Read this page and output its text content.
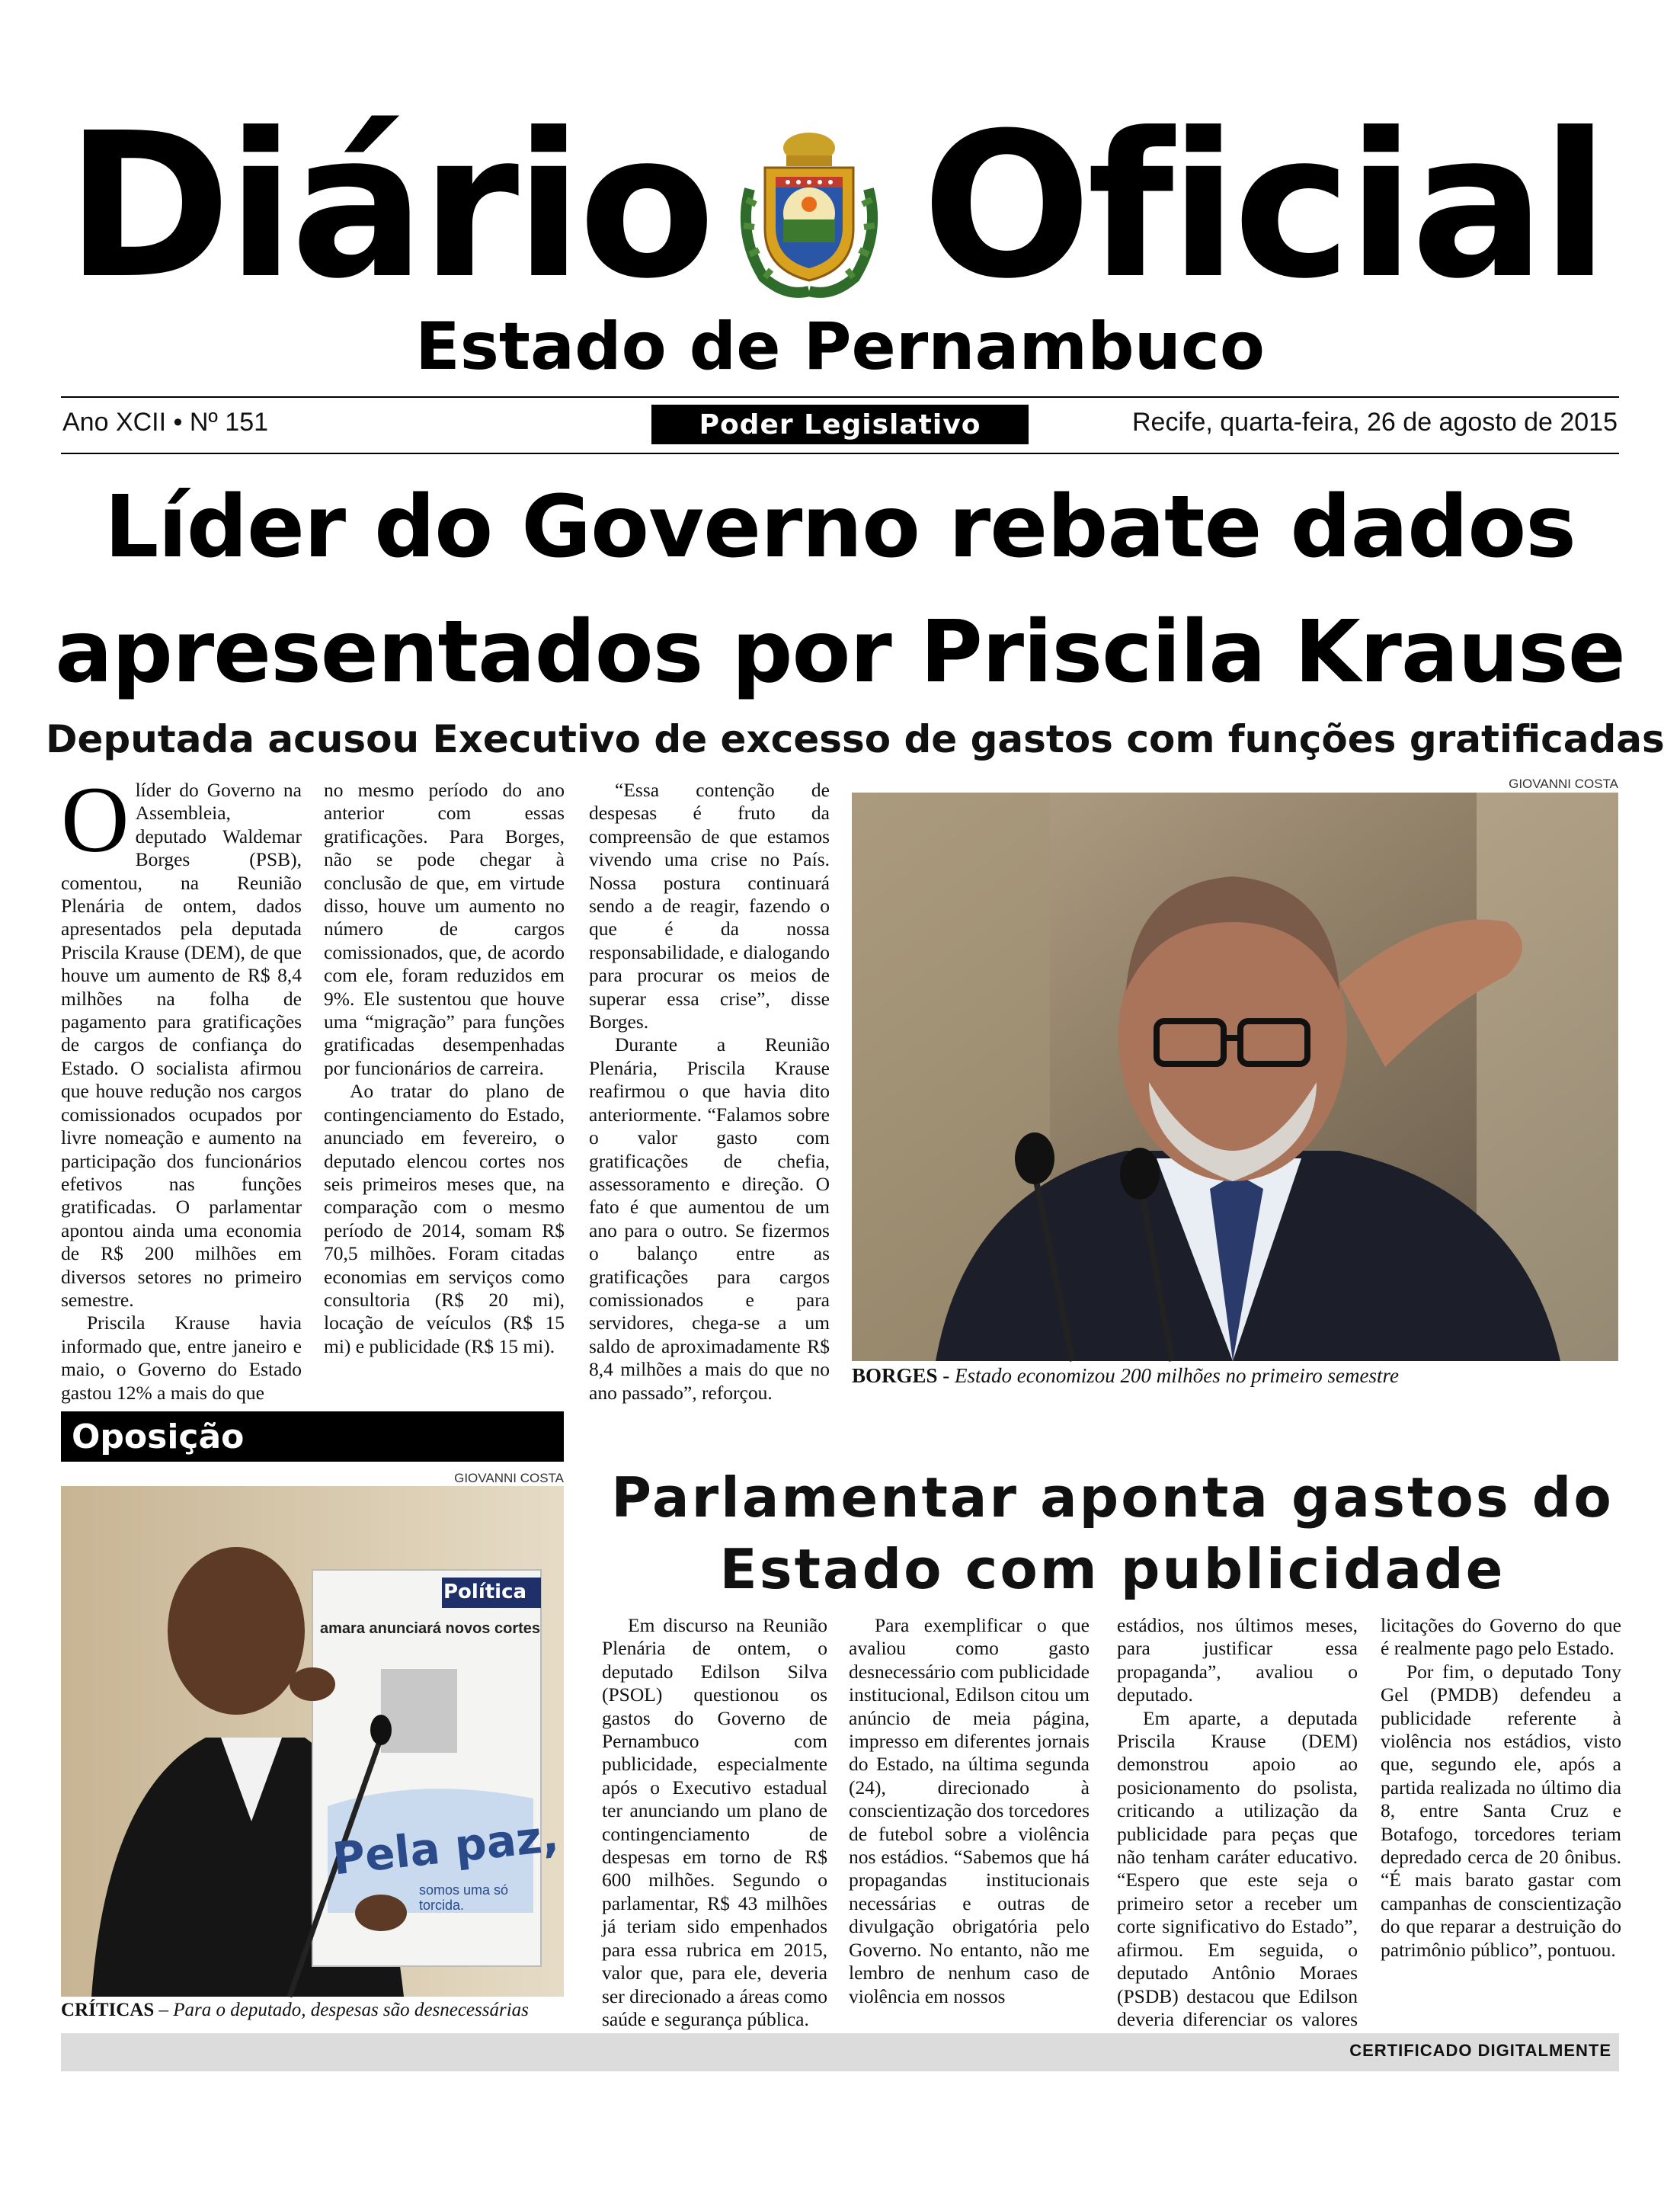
Diário Oficial
Estado de Pernambuco
Ano XCII • Nº 151	Poder Legislativo	Recife, quarta-feira, 26 de agosto de 2015
Líder do Governo rebate dados apresentados por Priscila Krause
Deputada acusou Executivo de excesso de gastos com funções gratificadas

O líder do Governo na Assembleia, deputado Waldemar Borges (PSB), comentou, na Reunião Plenária de ontem, dados apresentados pela deputada Priscila Krause (DEM), de que houve um aumento de R$ 8,4 milhões na folha de pagamento para gratificações de cargos de confiança do Estado. O socialista afirmou que houve redução nos cargos comissionados ocupados por livre nomeação e aumento na participação dos funcionários efetivos nas funções gratificadas. O parlamentar apontou ainda uma economia de R$ 200 milhões em diversos setores no primeiro semestre.

Priscila Krause havia informado que, entre janeiro e maio, o Governo do Estado gastou 12% a mais do que

no mesmo período do ano anterior com essas gratificações. Para Borges, não se pode chegar à conclusão de que, em virtude disso, houve um aumento no número de cargos comissionados, que, de acordo com ele, foram reduzidos em 9%. Ele sustentou que houve uma “migração” para funções gratificadas desempenhadas por funcionários de carreira.

Ao tratar do plano de contingenciamento do Estado, anunciado em fevereiro, o deputado elencou cortes nos seis primeiros meses que, na comparação com o mesmo período de 2014, somam R$ 70,5 milhões. Foram citadas economias em serviços como consultoria (R$ 20 mi), locação de veículos (R$ 15 mi) e publicidade (R$ 15 mi).

“Essa contenção de despesas é fruto da compreensão de que estamos vivendo uma crise no País. Nossa postura continuará sendo a de reagir, fazendo o que é da nossa responsabilidade, e dialogando para procurar os meios de superar essa crise”, disse Borges.

Durante a Reunião Plenária, Priscila Krause reafirmou o que havia dito anteriormente. “Falamos sobre o valor gasto com gratificações de chefia, assessoramento e direção. O fato é que aumentou de um ano para o outro. Se fizermos o balanço entre as gratificações para cargos comissionados e para servidores, chega-se a um saldo de aproximadamente R$ 8,4 milhões a mais do que no ano passado”, reforçou.

GIOVANNI COSTA
BORGES - Estado economizou 200 milhões no primeiro semestre
Oposição
GIOVANNI COSTA
Política
amara anunciará novos cortes
Pela paz,
somos uma só torcida.
CRÍTICAS – Para o deputado, despesas são desnecessárias
Parlamentar aponta gastos do Estado com publicidade

Em discurso na Reunião Plenária de ontem, o deputado Edilson Silva (PSOL) questionou os gastos do Governo de Pernambuco com publicidade, especialmente após o Executivo estadual ter anunciando um plano de contingenciamento de despesas em torno de R$ 600 milhões. Segundo o parlamentar, R$ 43 milhões já teriam sido empenhados para essa rubrica em 2015, valor que, para ele, deveria ser direcionado a áreas como saúde e segurança pública.

Para exemplificar o que avaliou como gasto desnecessário com publicidade institucional, Edilson citou um anúncio de meia página, impresso em diferentes jornais do Estado, na última segunda (24), direcionado à conscientização dos torcedores de futebol sobre a violência nos estádios. “Sabemos que há propagandas institucionais necessárias e outras de divulgação obrigatória pelo Governo. No entanto, não me lembro de nenhum caso de violência em nossos

estádios, nos últimos meses, para justificar essa propaganda”, avaliou o deputado.

Em aparte, a deputada Priscila Krause (DEM) demonstrou apoio ao posicionamento do psolista, criticando a utilização da publicidade para peças que não tenham caráter educativo. “Espero que este seja o primeiro setor a receber um corte significativo do Estado”, afirmou. Em seguida, o deputado Antônio Moraes (PSDB) destacou que Edilson deveria diferenciar os valores

licitações do Governo do que é realmente pago pelo Estado.

Por fim, o deputado Tony Gel (PMDB) defendeu a publicidade referente à violência nos estádios, visto que, segundo ele, após a partida realizada no último dia 8, entre Santa Cruz e Botafogo, torcedores teriam depredado cerca de 20 ônibus. “É mais barato gastar com campanhas de conscientização do que reparar a destruição do patrimônio público”, pontuou.

CERTIFICADO DIGITALMENTE
